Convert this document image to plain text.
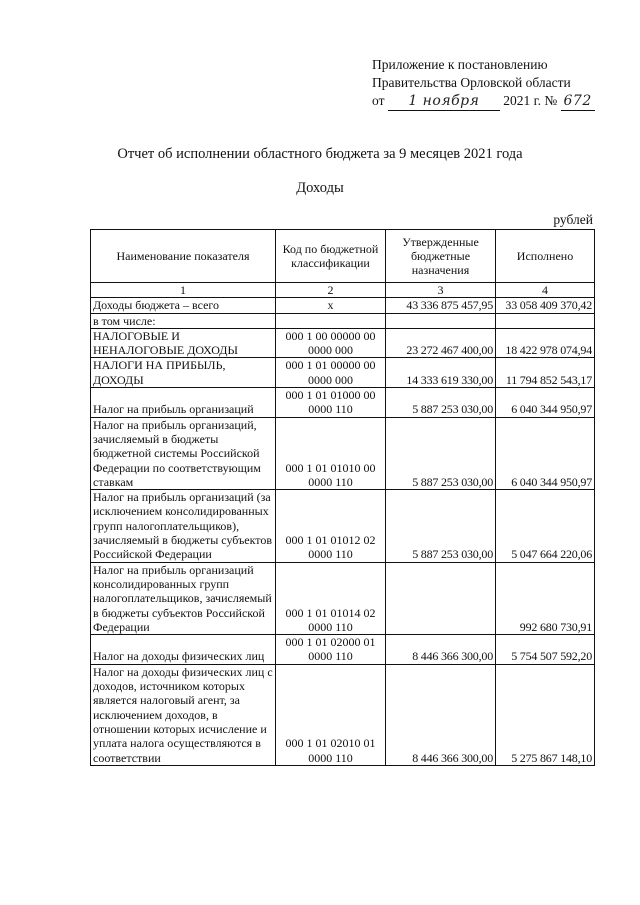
Приложение к постановлению
Правительства Орловской области
от 1 ноября 2021 г. № 672
Отчет об исполнении областного бюджета за 9 месяцев 2021 года
Доходы
рублей
Наименование показателя	Код по бюджетной классификации	Утвержденные бюджетные назначения	Исполнено
1	2	3	4
Доходы бюджета – всего	x	43 336 875 457,95	33 058 409 370,42
в том числе:			
НАЛОГОВЫЕ И НЕНАЛОГОВЫЕ ДОХОДЫ	000 1 00 00000 00 0000 000	23 272 467 400,00	18 422 978 074,94
НАЛОГИ НА ПРИБЫЛЬ, ДОХОДЫ	000 1 01 00000 00 0000 000	14 333 619 330,00	11 794 852 543,17
Налог на прибыль организаций	000 1 01 01000 00 0000 110	5 887 253 030,00	6 040 344 950,97
Налог на прибыль организаций, зачисляемый в бюджеты бюджетной системы Российской Федерации по соответствующим ставкам	000 1 01 01010 00 0000 110	5 887 253 030,00	6 040 344 950,97
Налог на прибыль организаций (за исключением консолидированных групп налогоплательщиков), зачисляемый в бюджеты субъектов Российской Федерации	000 1 01 01012 02 0000 110	5 887 253 030,00	5 047 664 220,06
Налог на прибыль организаций консолидированных групп налогоплательщиков, зачисляемый в бюджеты субъектов Российской Федерации	000 1 01 01014 02 0000 110		992 680 730,91
Налог на доходы физических лиц	000 1 01 02000 01 0000 110	8 446 366 300,00	5 754 507 592,20
Налог на доходы физических лиц с доходов, источником которых является налоговый агент, за исключением доходов, в отношении которых исчисление и уплата налога осуществляются в соответствии	000 1 01 02010 01 0000 110	8 446 366 300,00	5 275 867 148,10
